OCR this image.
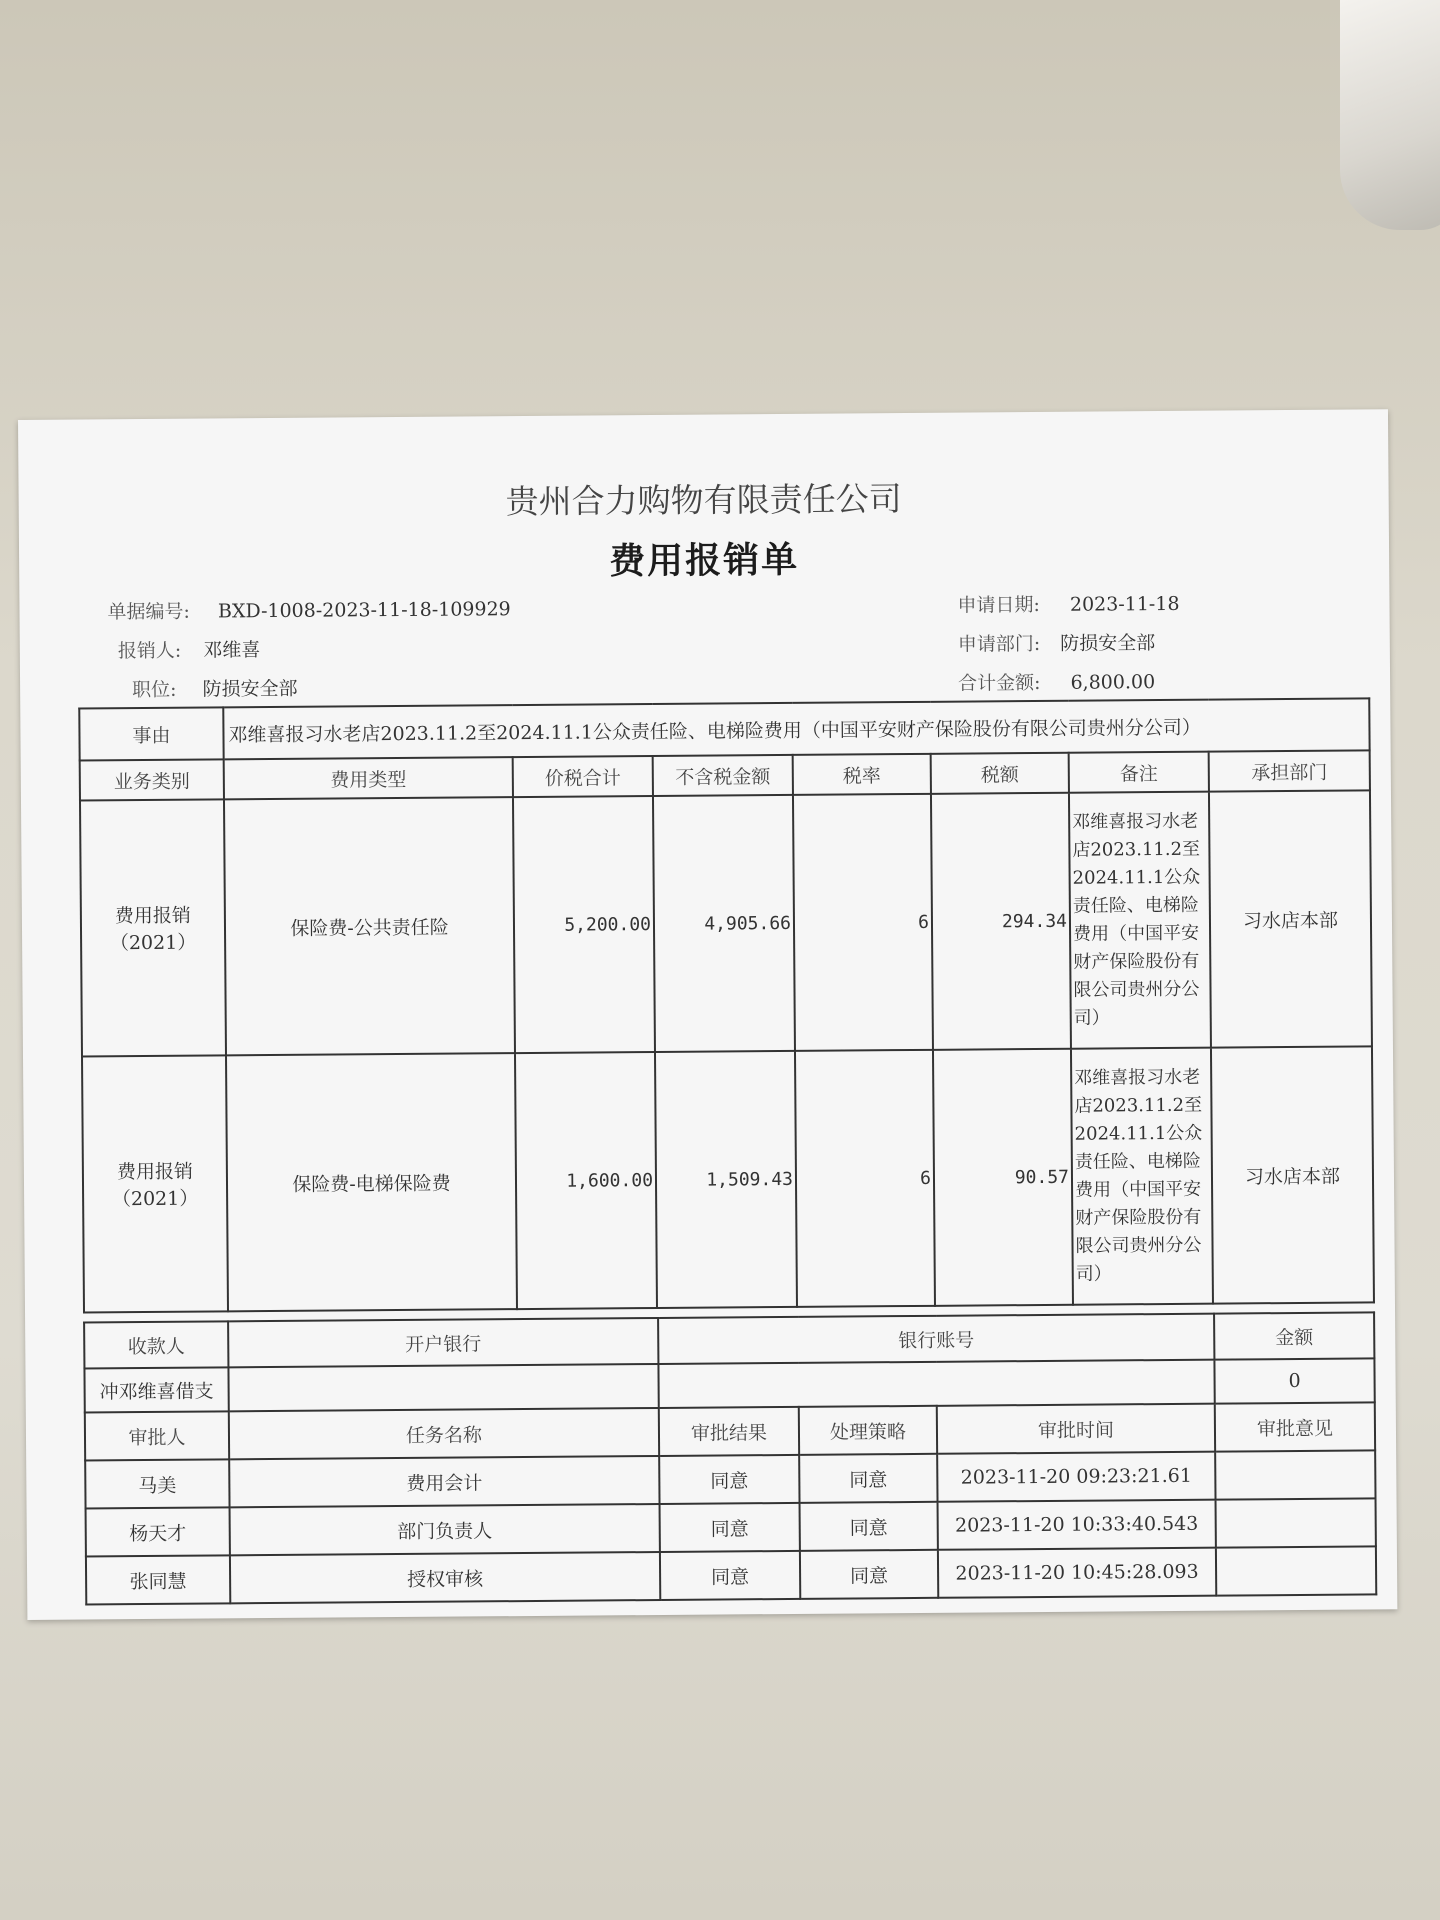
贵州合力购物有限责任公司
费用报销单
单据编号: BXD-1008-2023-11-18-109929	申请日期: 2023-11-18
报销人: 邓维喜	申请部门: 防损安全部
职位: 防损安全部	合计金额: 6,800.00
事由	邓维喜报习水老店2023.11.2至2024.11.1公众责任险、电梯险费用（中国平安财产保险股份有限公司贵州分公司）						
业务类别	费用类型	价税合计	不含税金额	税率	税额	备注	承担部门
费用报销（2021）	保险费-公共责任险	5,200.00	4,905.66	6	294.34	邓维喜报习水老店2023.11.2至2024.11.1公众责任险、电梯险费用（中国平安财产保险股份有限公司贵州分公司）	习水店本部
费用报销（2021）	保险费-电梯保险费	1,600.00	1,509.43	6	90.57	邓维喜报习水老店2023.11.2至2024.11.1公众责任险、电梯险费用（中国平安财产保险股份有限公司贵州分公司）	习水店本部
收款人	开户银行	银行账号			金额
冲邓维喜借支					0
审批人	任务名称	审批结果	处理策略	审批时间	审批意见
马美	费用会计	同意	同意	2023-11-20 09:23:21.61	
杨天才	部门负责人	同意	同意	2023-11-20 10:33:40.543	
张同慧	授权审核	同意	同意	2023-11-20 10:45:28.093	
